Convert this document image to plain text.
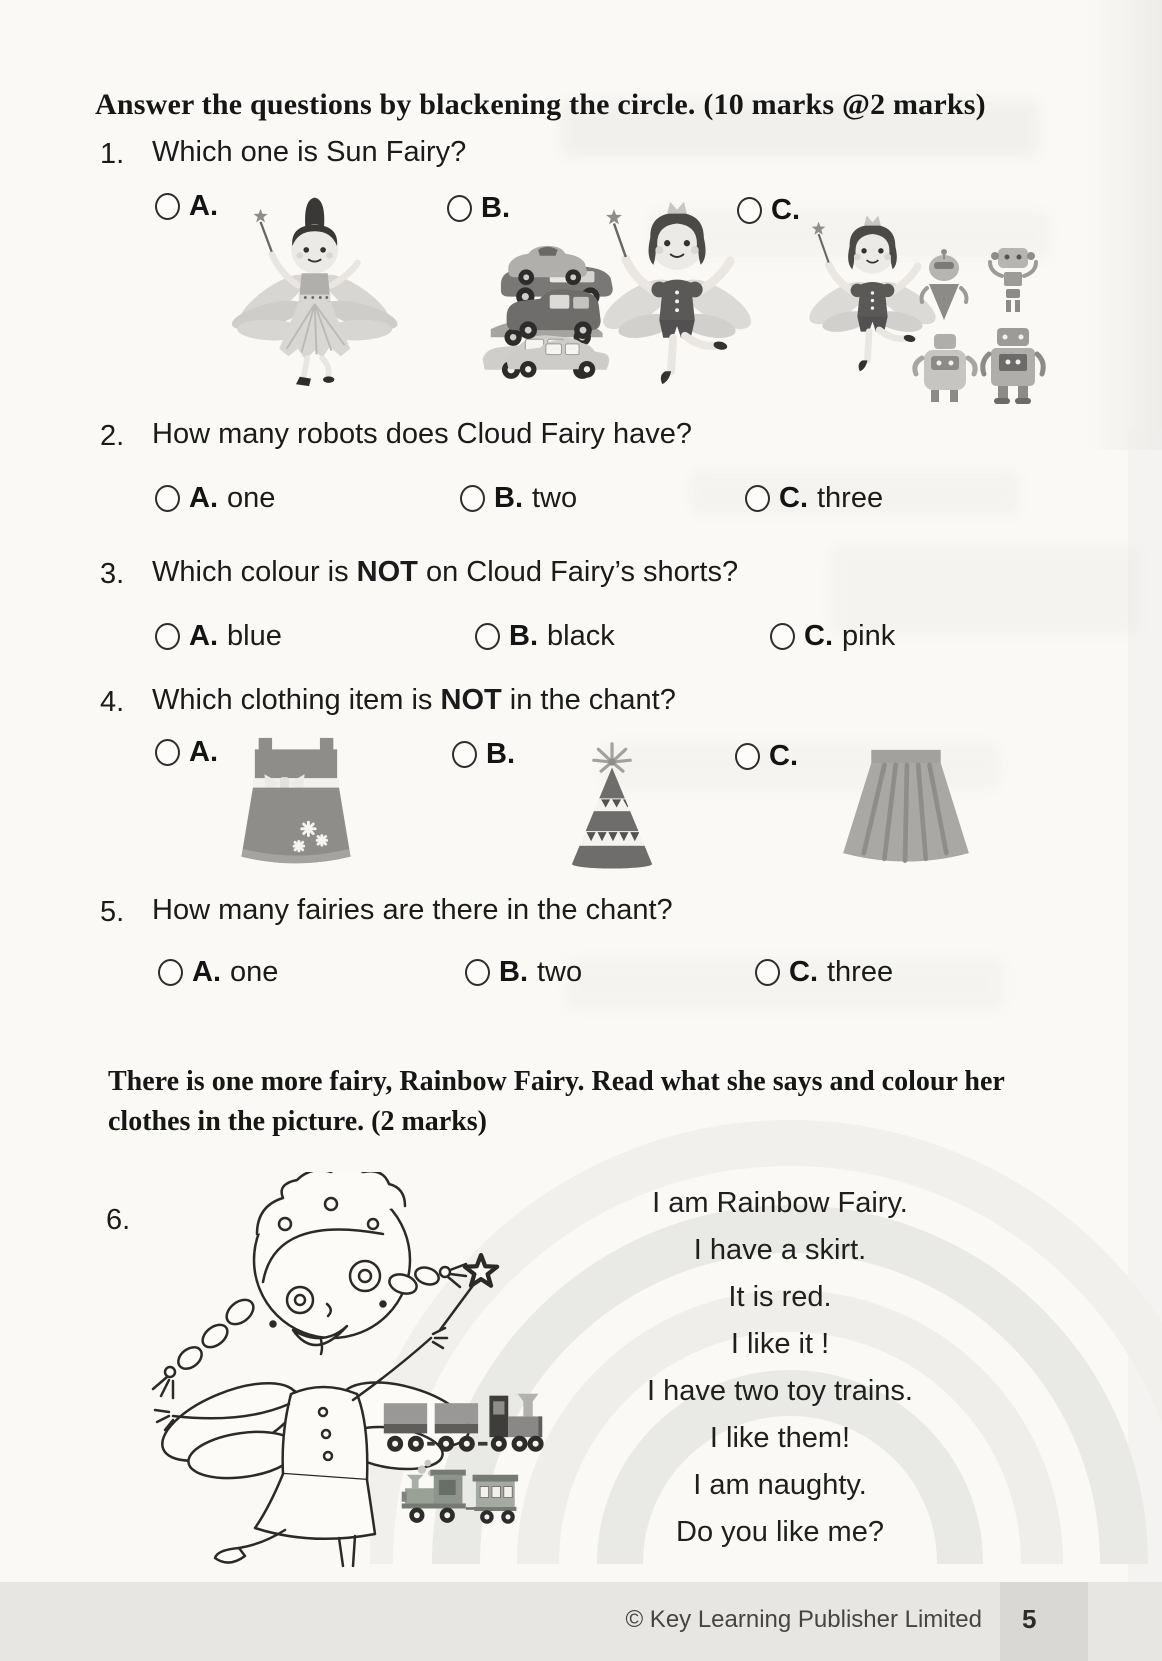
Answer the questions by blackening the circle. (10 marks @2 marks)
1. Which one is Sun Fairy?
A.	B.	C.
2. How many robots does Cloud Fairy have?
A. one	B. two	C. three
3. Which colour is NOT on Cloud Fairy’s shorts?
A. blue	B. black	C. pink
4. Which clothing item is NOT in the chant?
A.	B.	C.
5. How many fairies are there in the chant?
A. one	B. two	C. three
There is one more fairy, Rainbow Fairy. Read what she says and colour her
clothes in the picture. (2 marks)
6.
I am Rainbow Fairy.
I have a skirt.
It is red.
I like it !
I have two toy trains.
I like them!
I am naughty.
Do you like me?
© Key Learning Publisher Limited 5
